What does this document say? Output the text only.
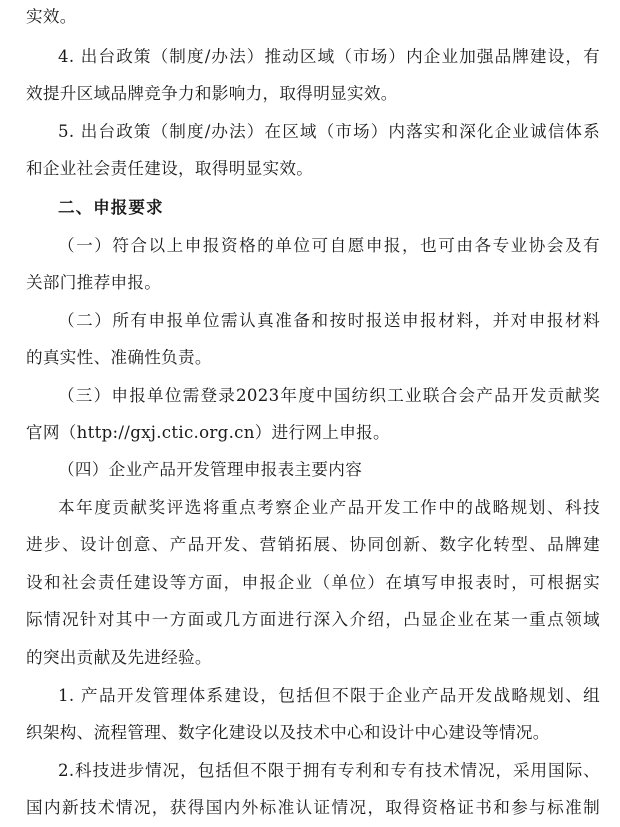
实效。
4. 出台政策（制度/办法）推动区域（市场）内企业加强品牌建设，有
效提升区域品牌竞争力和影响力，取得明显实效。
5. 出台政策（制度/办法）在区域（市场）内落实和深化企业诚信体系
和企业社会责任建设，取得明显实效。
二、申报要求
（一）符合以上申报资格的单位可自愿申报，也可由各专业协会及有
关部门推荐申报。
（二）所有申报单位需认真准备和按时报送申报材料，并对申报材料
的真实性、准确性负责。
（三）申报单位需登录2023年度中国纺织工业联合会产品开发贡献奖
官网（http://gxj.ctic.org.cn）进行网上申报。
（四）企业产品开发管理申报表主要内容
本年度贡献奖评选将重点考察企业产品开发工作中的战略规划、科技
进步、设计创意、产品开发、营销拓展、协同创新、数字化转型、品牌建
设和社会责任建设等方面，申报企业（单位）在填写申报表时，可根据实
际情况针对其中一方面或几方面进行深入介绍，凸显企业在某一重点领域
的突出贡献及先进经验。
1. 产品开发管理体系建设，包括但不限于企业产品开发战略规划、组
织架构、流程管理、数字化建设以及技术中心和设计中心建设等情况。
2.科技进步情况，包括但不限于拥有专利和专有技术情况，采用国际、
国内新技术情况，获得国内外标准认证情况，取得资格证书和参与标准制
